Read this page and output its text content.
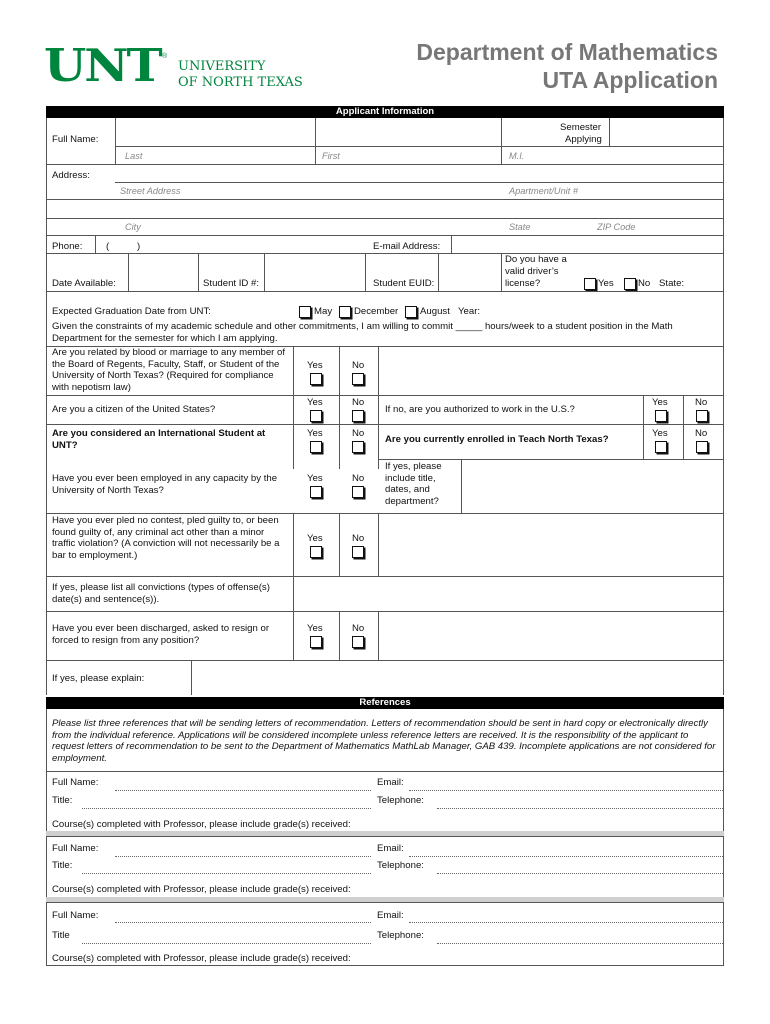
UNT ®
UNIVERSITY
OF NORTH TEXAS
Department of Mathematics
UTA Application
Applicant Information
Full Name:
Semester
Applying
Last	First	M.I.
Address:
Street Address	Apartment/Unit #
City	State	ZIP Code
Phone: (	)	E-mail Address:
Date Available:	Student ID #:	Student EUID:
Do you have a
valid driver’s
license?	Yes	No State:
Expected Graduation Date from UNT:	May December August Year:
Given the constraints of my academic schedule and other commitments, I am willing to commit _____ hours/week to a student position in the Math
Department for the semester for which I am applying.
Are you related by blood or marriage to any member of the Board of Regents, Faculty, Staff, or Student of the University of North Texas? (Required for compliance with nepotism law)
Yes	No
Are you a citizen of the United States?
Yes	No
If no, are you authorized to work in the U.S.?
Yes	No
Are you considered an International Student at UNT?
Yes	No
Are you currently enrolled in Teach North Texas?
Yes	No
Have you ever been employed in any capacity by the University of North Texas?
Yes	No
If yes, please include title, dates, and department?
Have you ever pled no contest, pled guilty to, or been found guilty of, any criminal act other than a minor traffic violation? (A conviction will not necessarily be a bar to employment.)
Yes	No
If yes, please list all convictions (types of offense(s) date(s) and sentence(s)).
Have you ever been discharged, asked to resign or forced to resign from any position?
Yes	No
If yes, please explain:
References
Please list three references that will be sending letters of recommendation. Letters of recommendation should be sent in hard copy or electronically directly from the individual reference. Applications will be considered incomplete unless reference letters are received. It is the responsibility of the applicant to request letters of recommendation to be sent to the Department of Mathematics MathLab Manager, GAB 439. Incomplete applications are not considered for employment.
Full Name:	Email:
Title:	Telephone:
Course(s) completed with Professor, please include grade(s) received:
Full Name:	Email:
Title:	Telephone:
Course(s) completed with Professor, please include grade(s) received:
Full Name:	Email:
Title	Telephone:
Course(s) completed with Professor, please include grade(s) received:
